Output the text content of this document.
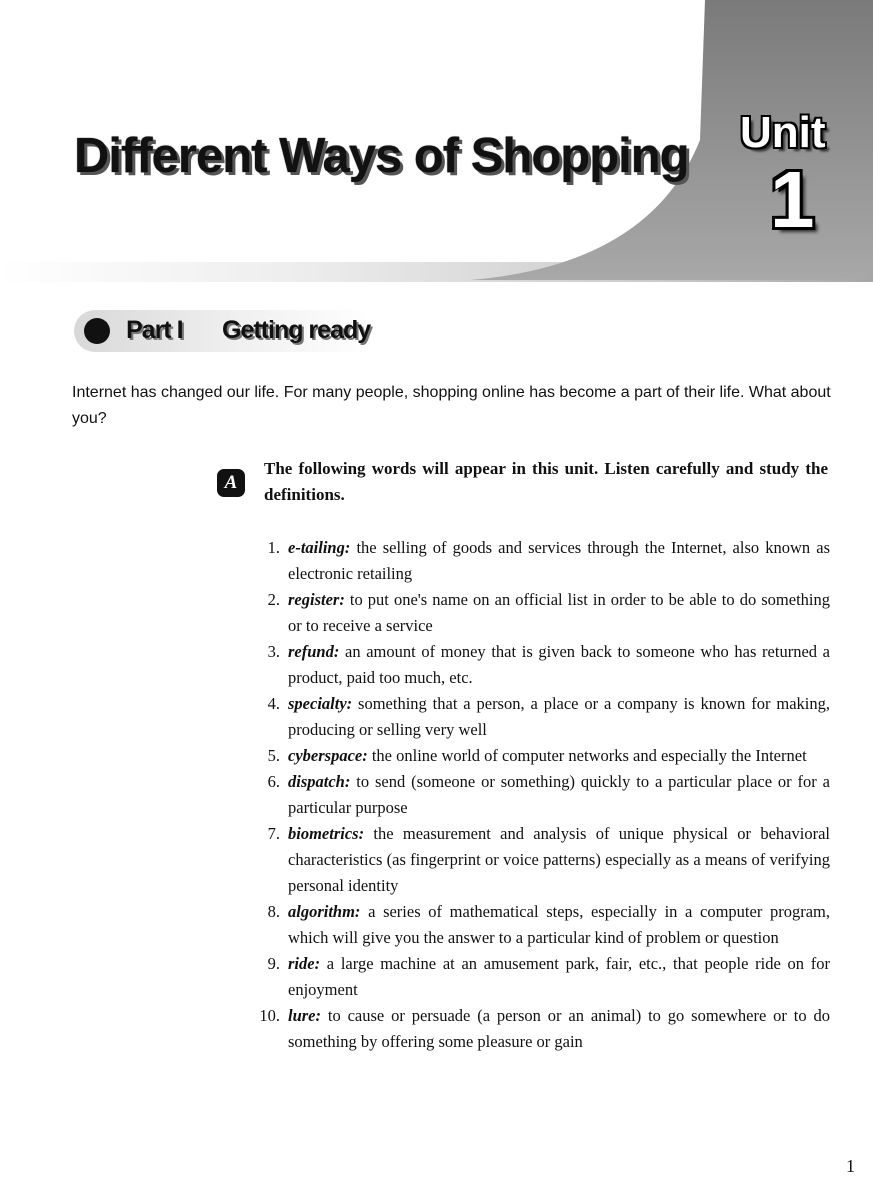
Different Ways of Shopping Unit
1
Part I Getting ready

Internet has changed our life. For many people, shopping online has become a part of their life. What about you?

A

The following words will appear in this unit. Listen carefully and study the definitions.

1. e-tailing: the selling of goods and services through the Internet, also known as electronic retailing
2. register: to put one's name on an official list in order to be able to do something or to receive a service
3. refund: an amount of money that is given back to someone who has returned a product, paid too much, etc.
4. specialty: something that a person, a place or a company is known for making, producing or selling very well
5. cyberspace: the online world of computer networks and especially the Internet
6. dispatch: to send (someone or something) quickly to a particular place or for a particular purpose
7. biometrics: the measurement and analysis of unique physical or behavioral characteristics (as fingerprint or voice patterns) especially as a means of verifying personal identity
8. algorithm: a series of mathematical steps, especially in a computer program, which will give you the answer to a particular kind of problem or question
9. ride: a large machine at an amusement park, fair, etc., that people ride on for enjoyment
10. lure: to cause or persuade (a person or an animal) to go somewhere or to do something by offering some pleasure or gain
1
